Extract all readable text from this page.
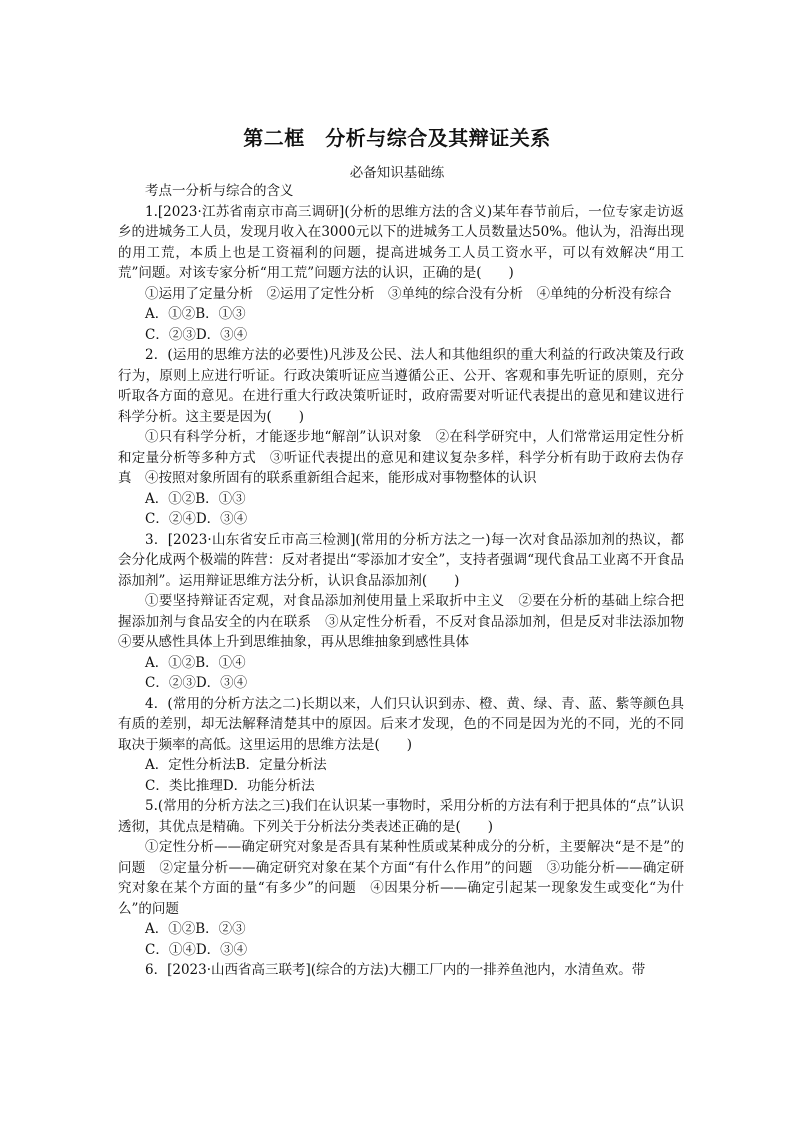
第二框　分析与综合及其辩证关系
必备知识基础练

考点一分析与综合的含义

1.[2023·江苏省南京市高三调研](分析的思维方法的含义)某年春节前后，一位专家走访返乡的进城务工人员，发现月收入在3000元以下的进城务工人员数量达50%。他认为，沿海出现的用工荒，本质上也是工资福利的问题，提高进城务工人员工资水平，可以有效解决“用工荒”问题。对该专家分析“用工荒”问题方法的认识，正确的是(　　)

①运用了定量分析　②运用了定性分析　③单纯的综合没有分析　④单纯的分析没有综合

A．①②B．①③

C．②③D．③④

2．(运用的思维方法的必要性)凡涉及公民、法人和其他组织的重大利益的行政决策及行政行为，原则上应进行听证。行政决策听证应当遵循公正、公开、客观和事先听证的原则，充分听取各方面的意见。在进行重大行政决策听证时，政府需要对听证代表提出的意见和建议进行科学分析。这主要是因为(　　)

①只有科学分析，才能逐步地“解剖”认识对象　②在科学研究中，人们常常运用定性分析和定量分析等多种方式　③听证代表提出的意见和建议复杂多样，科学分析有助于政府去伪存真　④按照对象所固有的联系重新组合起来，能形成对事物整体的认识

A．①②B．①③

C．②④D．③④

3．[2023·山东省安丘市高三检测](常用的分析方法之一)每一次对食品添加剂的热议，都会分化成两个极端的阵营：反对者提出“零添加才安全”，支持者强调“现代食品工业离不开食品添加剂”。运用辩证思维方法分析，认识食品添加剂(　　)

①要坚持辩证否定观，对食品添加剂使用量上采取折中主义　②要在分析的基础上综合把握添加剂与食品安全的内在联系　③从定性分析看，不反对食品添加剂，但是反对非法添加物　④要从感性具体上升到思维抽象，再从思维抽象到感性具体

A．①②B．①④

C．②③D．③④

4．(常用的分析方法之二)长期以来，人们只认识到赤、橙、黄、绿、青、蓝、紫等颜色具有质的差别，却无法解释清楚其中的原因。后来才发现，色的不同是因为光的不同，光的不同取决于频率的高低。这里运用的思维方法是(　　)

A．定性分析法B．定量分析法

C．类比推理D．功能分析法

5.(常用的分析方法之三)我们在认识某一事物时，采用分析的方法有利于把具体的“点”认识透彻，其优点是精确。下列关于分析法分类表述正确的是(　　)

①定性分析——确定研究对象是否具有某种性质或某种成分的分析，主要解决“是不是”的问题　②定量分析——确定研究对象在某个方面“有什么作用”的问题　③功能分析——确定研究对象在某个方面的量“有多少”的问题　④因果分析——确定引起某一现象发生或变化“为什么”的问题

A．①②B．②③

C．①④D．③④

6．[2023·山西省高三联考](综合的方法)大棚工厂内的一排养鱼池内，水清鱼欢。带
